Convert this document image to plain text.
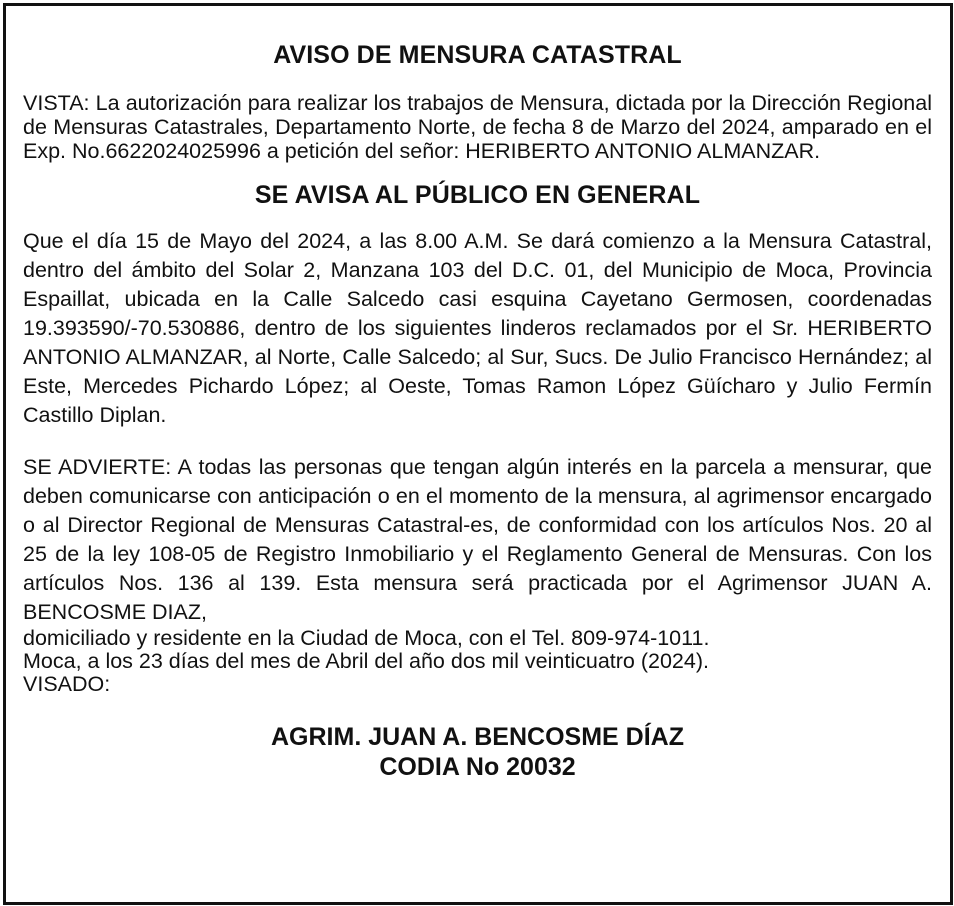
AVISO DE MENSURA CATASTRAL

VISTA: La autorización para realizar los trabajos de Mensura, dictada por la Dirección Regional de Mensuras Catastrales, Departamento Norte, de fecha 8 de Marzo del 2024, amparado en el Exp. No.6622024025996 a petición del señor: HERIBERTO ANTONIO ALMANZAR.

SE AVISA AL PÚBLICO EN GENERAL

Que el día 15 de Mayo del 2024, a las 8.00 A.M. Se dará comienzo a la Mensura Catastral, dentro del ámbito del Solar 2, Manzana 103 del D.C. 01, del Municipio de Moca, Provincia Espaillat, ubicada en la Calle Salcedo casi esquina Cayetano Germosen, coordenadas 19.393590/-70.530886, dentro de los siguientes linderos reclamados por el Sr. HERIBERTO ANTONIO ALMANZAR, al Norte, Calle Salcedo; al Sur, Sucs. De Julio Francisco Hernández; al Este, Mercedes Pichardo López; al Oeste, Tomas Ramon López Güícharo y Julio Fermín Castillo Diplan.

SE ADVIERTE: A todas las personas que tengan algún interés en la parcela a mensurar, que deben comunicarse con anticipación o en el momento de la mensura, al agrimensor encargado o al Director Regional de Mensuras Catastral-es, de conformidad con los artículos Nos. 20 al 25 de la ley 108-05 de Registro Inmobiliario y el Reglamento General de Mensuras. Con los artículos Nos. 136 al 139. Esta mensura será practicada por el Agrimensor JUAN A. BENCOSME DIAZ,

domiciliado y residente en la Ciudad de Moca, con el Tel. 809-974-1011.

Moca, a los 23 días del mes de Abril del año dos mil veinticuatro (2024).

VISADO:

AGRIM. JUAN A. BENCOSME DÍAZ
CODIA No 20032
